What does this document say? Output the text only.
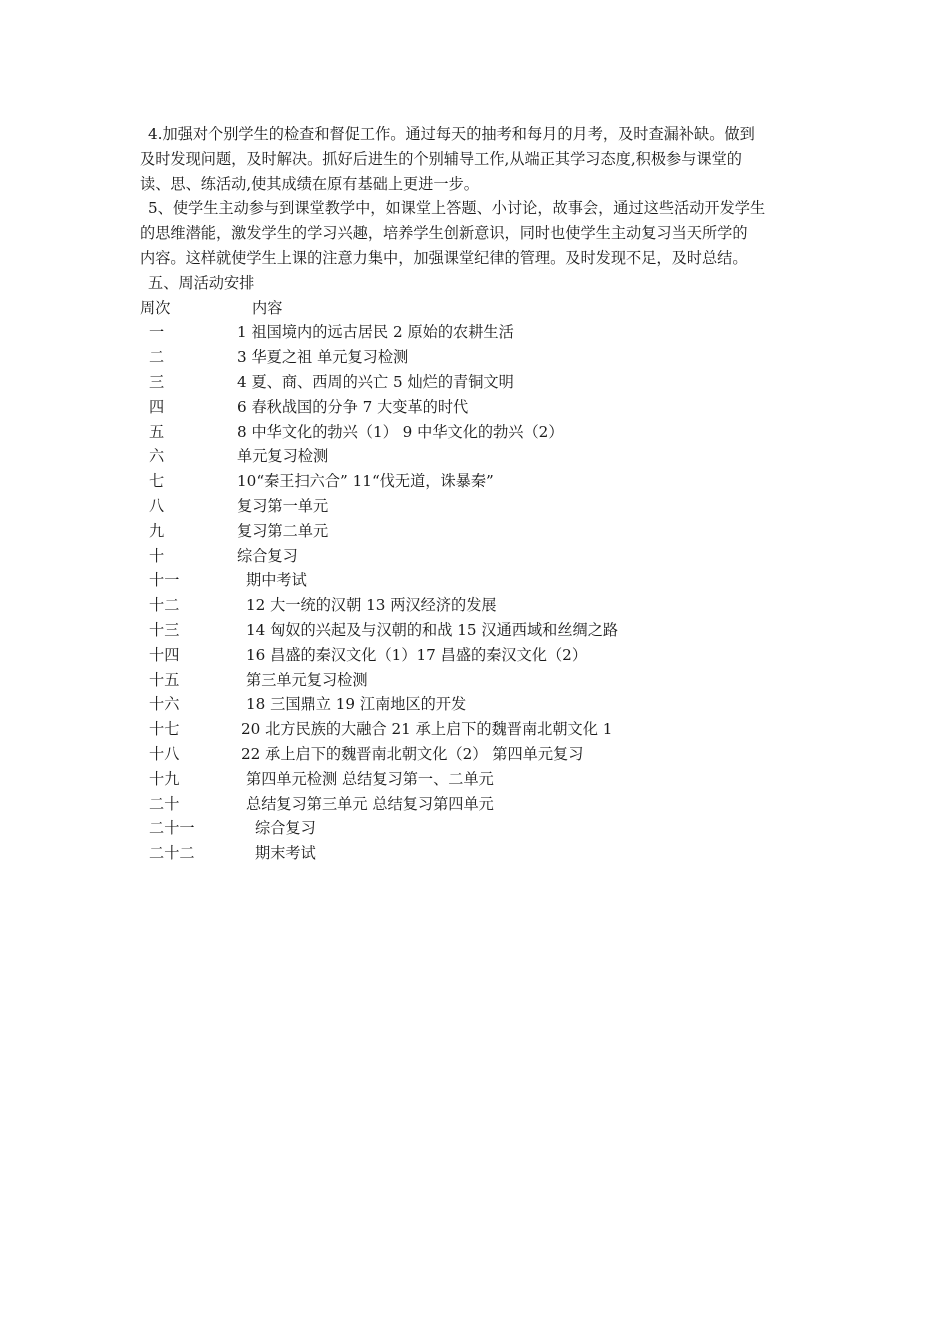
4.加强对个别学生的检查和督促工作。通过每天的抽考和每月的月考，及时查漏补缺。做到
及时发现问题，及时解决。抓好后进生的个别辅导工作,从端正其学习态度,积极参与课堂的
读、思、练活动,使其成绩在原有基础上更进一步。

5、使学生主动参与到课堂教学中，如课堂上答题、小讨论，故事会，通过这些活动开发学生
的思维潜能，激发学生的学习兴趣，培养学生创新意识，同时也使学生主动复习当天所学的
内容。这样就使学生上课的注意力集中，加强课堂纪律的管理。及时发现不足，及时总结。

五、周活动安排

周次	内容
一	1 祖国境内的远古居民 2 原始的农耕生活
二	3 华夏之祖 单元复习检测
三	4 夏、商、西周的兴亡 5 灿烂的青铜文明
四	6 春秋战国的分争 7 大变革的时代
五	8 中华文化的勃兴（1） 9 中华文化的勃兴（2）
六	单元复习检测
七	10“秦王扫六合” 11“伐无道，诛暴秦”
八	复习第一单元
九	复习第二单元
十	综合复习
十一	期中考试
十二	12 大一统的汉朝 13 两汉经济的发展
十三	14 匈奴的兴起及与汉朝的和战 15 汉通西域和丝绸之路
十四	16 昌盛的秦汉文化（1）17 昌盛的秦汉文化（2）
十五	第三单元复习检测
十六	18 三国鼎立 19 江南地区的开发
十七	20 北方民族的大融合 21 承上启下的魏晋南北朝文化 1
十八	22 承上启下的魏晋南北朝文化（2） 第四单元复习
十九	第四单元检测 总结复习第一、二单元
二十	总结复习第三单元 总结复习第四单元
二十一	综合复习
二十二	期末考试
